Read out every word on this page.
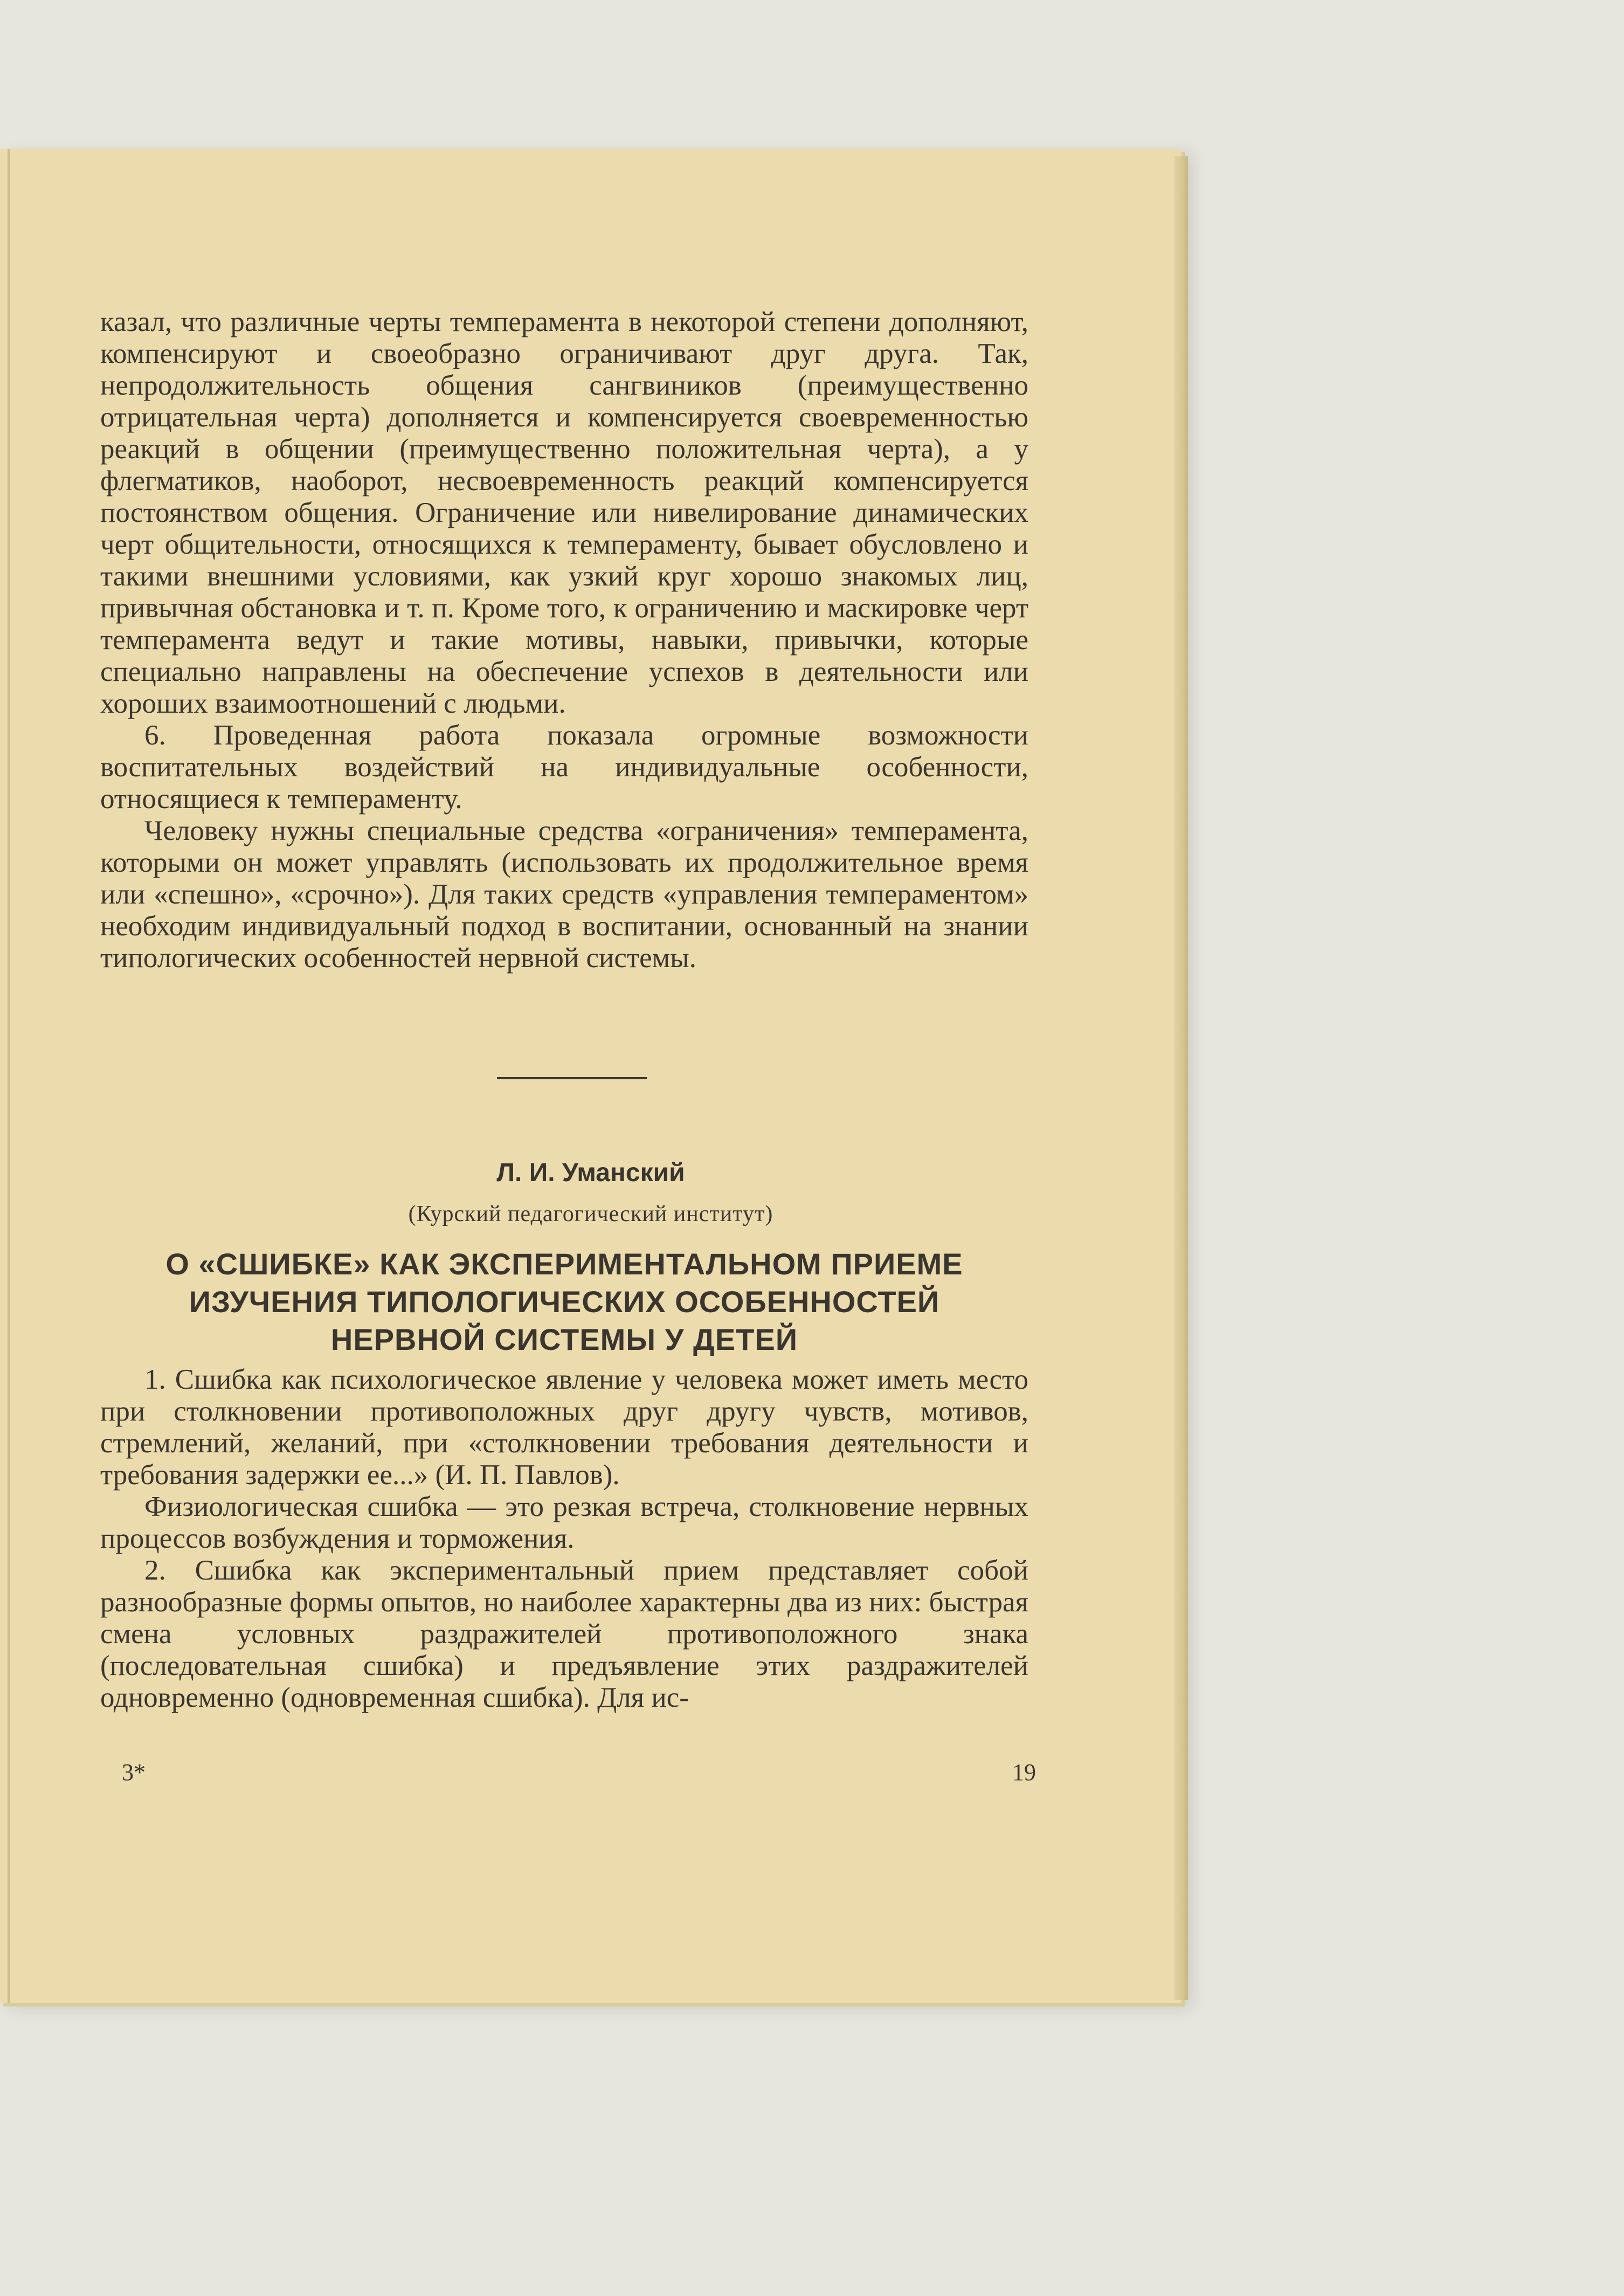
казал, что различные черты темперамента в некоторой степени дополняют, компенсируют и своеобразно ограничивают друг друга. Так, непродолжительность общения сангвиников (преимущественно отрицательная черта) дополняется и компенсируется своевременностью реакций в общении (преимущественно положительная черта), а у флегматиков, наоборот, несвоевременность реакций компенсируется постоянством общения. Ограничение или нивелирование динамических черт общительности, относящихся к темпераменту, бывает обусловлено и такими внешними условиями, как узкий круг хорошо знакомых лиц, привычная обстановка и т. п. Кроме того, к ограничению и маскировке черт темперамента ведут и такие мотивы, навыки, привычки, которые специально направлены на обеспечение успехов в деятельности или хороших взаимоотношений с людьми.

6. Проведенная работа показала огромные возможности воспитательных воздействий на индивидуальные особенности, относящиеся к темпераменту.

Человеку нужны специальные средства «ограничения» темперамента, которыми он может управлять (использовать их продолжительное время или «спешно», «срочно»). Для таких средств «управления темпераментом» необходим индивидуальный подход в воспитании, основанный на знании типологических особенностей нервной системы.

Л. И. Уманский
(Курский педагогический институт)
О «СШИБКЕ» КАК ЭКСПЕРИМЕНТАЛЬНОМ ПРИЕМЕ
ИЗУЧЕНИЯ ТИПОЛОГИЧЕСКИХ ОСОБЕННОСТЕЙ
НЕРВНОЙ СИСТЕМЫ У ДЕТЕЙ

1. Сшибка как психологическое явление у человека может иметь место при столкновении противоположных друг другу чувств, мотивов, стремлений, желаний, при «столкновении требования деятельности и требования задержки ее...» (И. П. Павлов).

Физиологическая сшибка — это резкая встреча, столкновение нервных процессов возбуждения и торможения.

2. Сшибка как экспериментальный прием представляет собой разнообразные формы опытов, но наиболее характерны два из них: быстрая смена условных раздражителей противоположного знака (последовательная сшибка) и предъявление этих раздражителей одновременно (одновременная сшибка). Для ис-

3*	19
